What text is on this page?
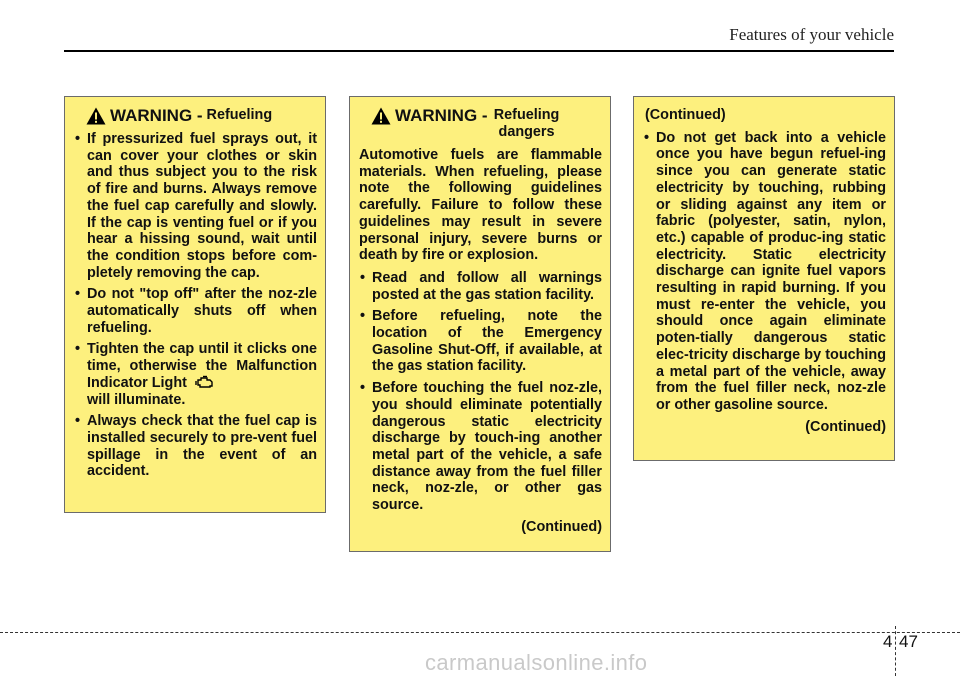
Features of your vehicle
WARNING - Refueling
• If pressurized fuel sprays out, it can cover your clothes or skin and thus subject you to the risk of fire and burns. Always remove the fuel cap carefully and slowly. If the cap is venting fuel or if you hear a hissing sound, wait until the condition stops before com-pletely removing the cap.
• Do not "top off" after the noz-zle automatically shuts off when refueling.
• Tighten the cap until it clicks one time, otherwise the Malfunction Indicator Light
will illuminate.
• Always check that the fuel cap is installed securely to pre-vent fuel spillage in the event of an accident.
WARNING - Refueling dangers
Automotive fuels are flammable materials. When refueling, please note the following guidelines carefully. Failure to follow these guidelines may result in severe personal injury, severe burns or death by fire or explosion.
• Read and follow all warnings posted at the gas station facility.
• Before refueling, note the location of the Emergency Gasoline Shut-Off, if available, at the gas station facility.
• Before touching the fuel noz-zle, you should eliminate potentially dangerous static electricity discharge by touch-ing another metal part of the vehicle, a safe distance away from the fuel filler neck, noz-zle, or other gas source.
(Continued)
(Continued)
• Do not get back into a vehicle once you have begun refuel-ing since you can generate static electricity by touching, rubbing or sliding against any item or fabric (polyester, satin, nylon, etc.) capable of produc-ing static electricity. Static electricity discharge can ignite fuel vapors resulting in rapid burning. If you must re-enter the vehicle, you should once again eliminate poten-tially dangerous static elec-tricity discharge by touching a metal part of the vehicle, away from the fuel filler neck, noz-zle or other gasoline source.
(Continued)
4 47
carmanualsonline.info
